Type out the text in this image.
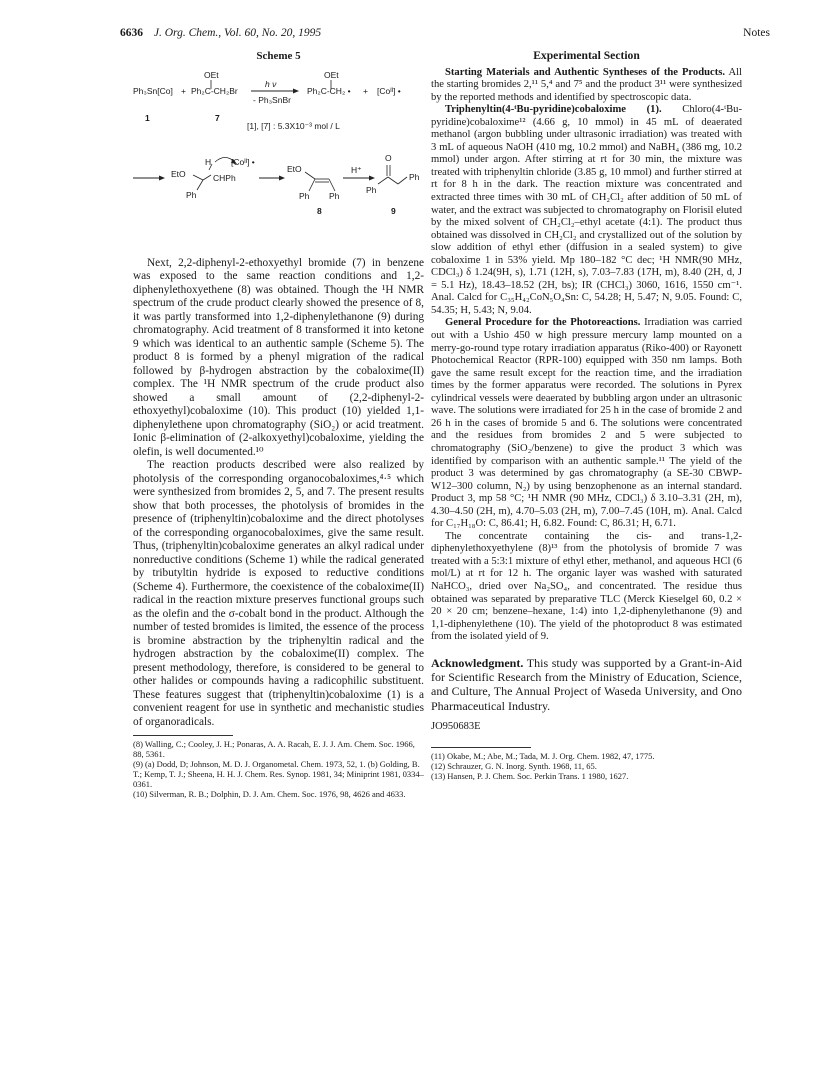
6636 J. Org. Chem., Vol. 60, No. 20, 1995	Notes
Scheme 5
Ph₃Sn[Co] +
OEt
Ph₂C-CH₂Br
h ν
- Ph₃SnBr
OEt
Ph₂C-CH₂ • + [Coᴵᴵ] •
1	7
[1], [7] : 5.3X10⁻³ mol / L
EtO
H
CHPh
Ph
[Coᴵᴵ] •
EtO
Ph Ph
8
H⁺
O
Ph
Ph
9

Next, 2,2-diphenyl-2-ethoxyethyl bromide (7) in benzene was exposed to the same reaction conditions and 1,2-diphenylethoxyethene (8) was obtained. Though the ¹H NMR spectrum of the crude product clearly showed the presence of 8, it was partly transformed into 1,2-diphenylethanone (9) during chromatography. Acid treatment of 8 transformed it into ketone 9 which was identical to an authentic sample (Scheme 5). The product 8 is formed by a phenyl migration of the radical followed by β-hydrogen abstraction by the cobaloxime(II) complex. The ¹H NMR spectrum of the crude product also showed a small amount of (2,2-diphenyl-2-ethoxyethyl)cobaloxime (10). This product (10) yielded 1,1-diphenylethene upon chromatography (SiO₂) or acid treatment. Ionic β-elimination of (2-alkoxyethyl)cobaloxime, yielding the olefin, is well documented.¹⁰

The reaction products described were also realized by photolysis of the corresponding organocobaloximes,⁴·⁵ which were synthesized from bromides 2, 5, and 7. The present results show that both processes, the photolysis of bromides in the presence of (triphenyltin)cobaloxime and the direct photolyses of the corresponding organocobaloximes, give the same result. Thus, (triphenyltin)cobaloxime generates an alkyl radical under nonreductive conditions (Scheme 1) while the radical generated by tributyltin hydride is exposed to reductive conditions (Scheme 4). Furthermore, the coexistence of the cobaloxime(II) radical in the reaction mixture preserves functional groups such as the olefin and the σ-cobalt bond in the product. Although the number of tested bromides is limited, the essence of the process is bromine abstraction by the triphenyltin radical and the hydrogen abstraction by the cobaloxime(II) complex. The present methodology, therefore, is considered to be general to other halides or compounds having a radicophilic substituent. These features suggest that (triphenyltin)cobaloxime (1) is a convenient reagent for use in synthetic and mechanistic studies of organoradicals.

(8) Walling, C.; Cooley, J. H.; Ponaras, A. A. Racah, E. J. J. Am. Chem. Soc. 1966, 88, 5361.

(9) (a) Dodd, D; Johnson, M. D. J. Organometal. Chem. 1973, 52, 1. (b) Golding, B. T.; Kemp, T. J.; Sheena, H. H. J. Chem. Res. Synop. 1981, 34; Miniprint 1981, 0334–0361.

(10) Silverman, R. B.; Dolphin, D. J. Am. Chem. Soc. 1976, 98, 4626 and 4633.

Experimental Section

Starting Materials and Authentic Syntheses of the Products. All the starting bromides 2,¹¹ 5,⁴ and 7⁵ and the product 3¹¹ were synthesized by the reported methods and identified by spectroscopic data.

Triphenyltin(4-ᵗBu-pyridine)cobaloxime (1). Chloro(4-ᵗBu-pyridine)cobaloxime¹² (4.66 g, 10 mmol) in 45 mL of deaerated methanol (argon bubbling under ultrasonic irradiation) was treated with 3 mL of aqueous NaOH (410 mg, 10.2 mmol) and NaBH₄ (386 mg, 10.2 mmol) under argon. After stirring at rt for 30 min, the mixture was treated with triphenyltin chloride (3.85 g, 10 mmol) and further stirred at rt for 8 h in the dark. The reaction mixture was concentrated and extracted three times with 30 mL of CH₂Cl₂ after addition of 50 mL of water, and the extract was subjected to chromatography on Florisil eluted by the mixed solvent of CH₂Cl₂–ethyl acetate (4:1). The product thus obtained was dissolved in CH₂Cl₂ and crystallized out of the solution by slow addition of ethyl ether (diffusion in a sealed system) to give cobaloxime 1 in 53% yield. Mp 180–182 °C dec; ¹H NMR(90 MHz, CDCl₃) δ 1.24(9H, s), 1.71 (12H, s), 7.03–7.83 (17H, m), 8.40 (2H, d, J = 5.1 Hz), 18.43–18.52 (2H, bs); IR (CHCl₃) 3060, 1616, 1550 cm⁻¹. Anal. Calcd for C₃₅H₄₂CoN₅O₄Sn: C, 54.28; H, 5.47; N, 9.05. Found: C, 54.35; H, 5.43; N, 9.04.

General Procedure for the Photoreactions. Irradiation was carried out with a Ushio 450 w high pressure mercury lamp mounted on a merry-go-round type rotary irradiation apparatus (Riko-400) or Rayonett Photochemical Reactor (RPR-100) equipped with 350 nm lamps. Both gave the same result except for the reaction time, and the irradiation times by the former apparatus were recorded. The solutions in Pyrex cylindrical vessels were deaerated by bubbling argon under an ultrasonic wave. The solutions were irradiated for 25 h in the case of bromide 2 and 26 h in the cases of bromide 5 and 6. The solutions were concentrated and the residues from bromides 2 and 5 were subjected to chromatography (SiO₂/benzene) to give the product 3 which was identified by comparison with an authentic sample.¹¹ The yield of the product 3 was determined by gas chromatography (a SE-30 CBWP-W12–300 column, N₂) by using benzophenone as an internal standard. Product 3, mp 58 °C; ¹H NMR (90 MHz, CDCl₃) δ 3.10–3.31 (2H, m), 4.30–4.50 (2H, m), 4.70–5.03 (2H, m), 7.00–7.45 (10H, m). Anal. Calcd for C₁₇H₁₈O: C, 86.41; H, 6.82. Found: C, 86.31; H, 6.71.

The concentrate containing the cis- and trans-1,2-diphenylethoxyethylene (8)¹³ from the photolysis of bromide 7 was treated with a 5:3:1 mixture of ethyl ether, methanol, and aqueous HCl (6 mol/L) at rt for 12 h. The organic layer was washed with saturated NaHCO₃, dried over Na₂SO₄, and concentrated. The residue thus obtained was separated by preparative TLC (Merck Kieselgel 60, 0.2 × 20 × 20 cm; benzene–hexane, 1:4) into 1,2-diphenylethanone (9) and 1,1-diphenylethene (10). The yield of the photoproduct 8 was estimated from the isolated yield of 9.

Acknowledgment. This study was supported by a Grant-in-Aid for Scientific Research from the Ministry of Education, Science, and Culture, The Annual Project of Waseda University, and Ono Pharmaceutical Industry.

JO950683E

(11) Okabe, M.; Abe, M.; Tada, M. J. Org. Chem. 1982, 47, 1775.

(12) Schrauzer, G. N. Inorg. Synth. 1968, 11, 65.

(13) Hansen, P. J. Chem. Soc. Perkin Trans. 1 1980, 1627.
